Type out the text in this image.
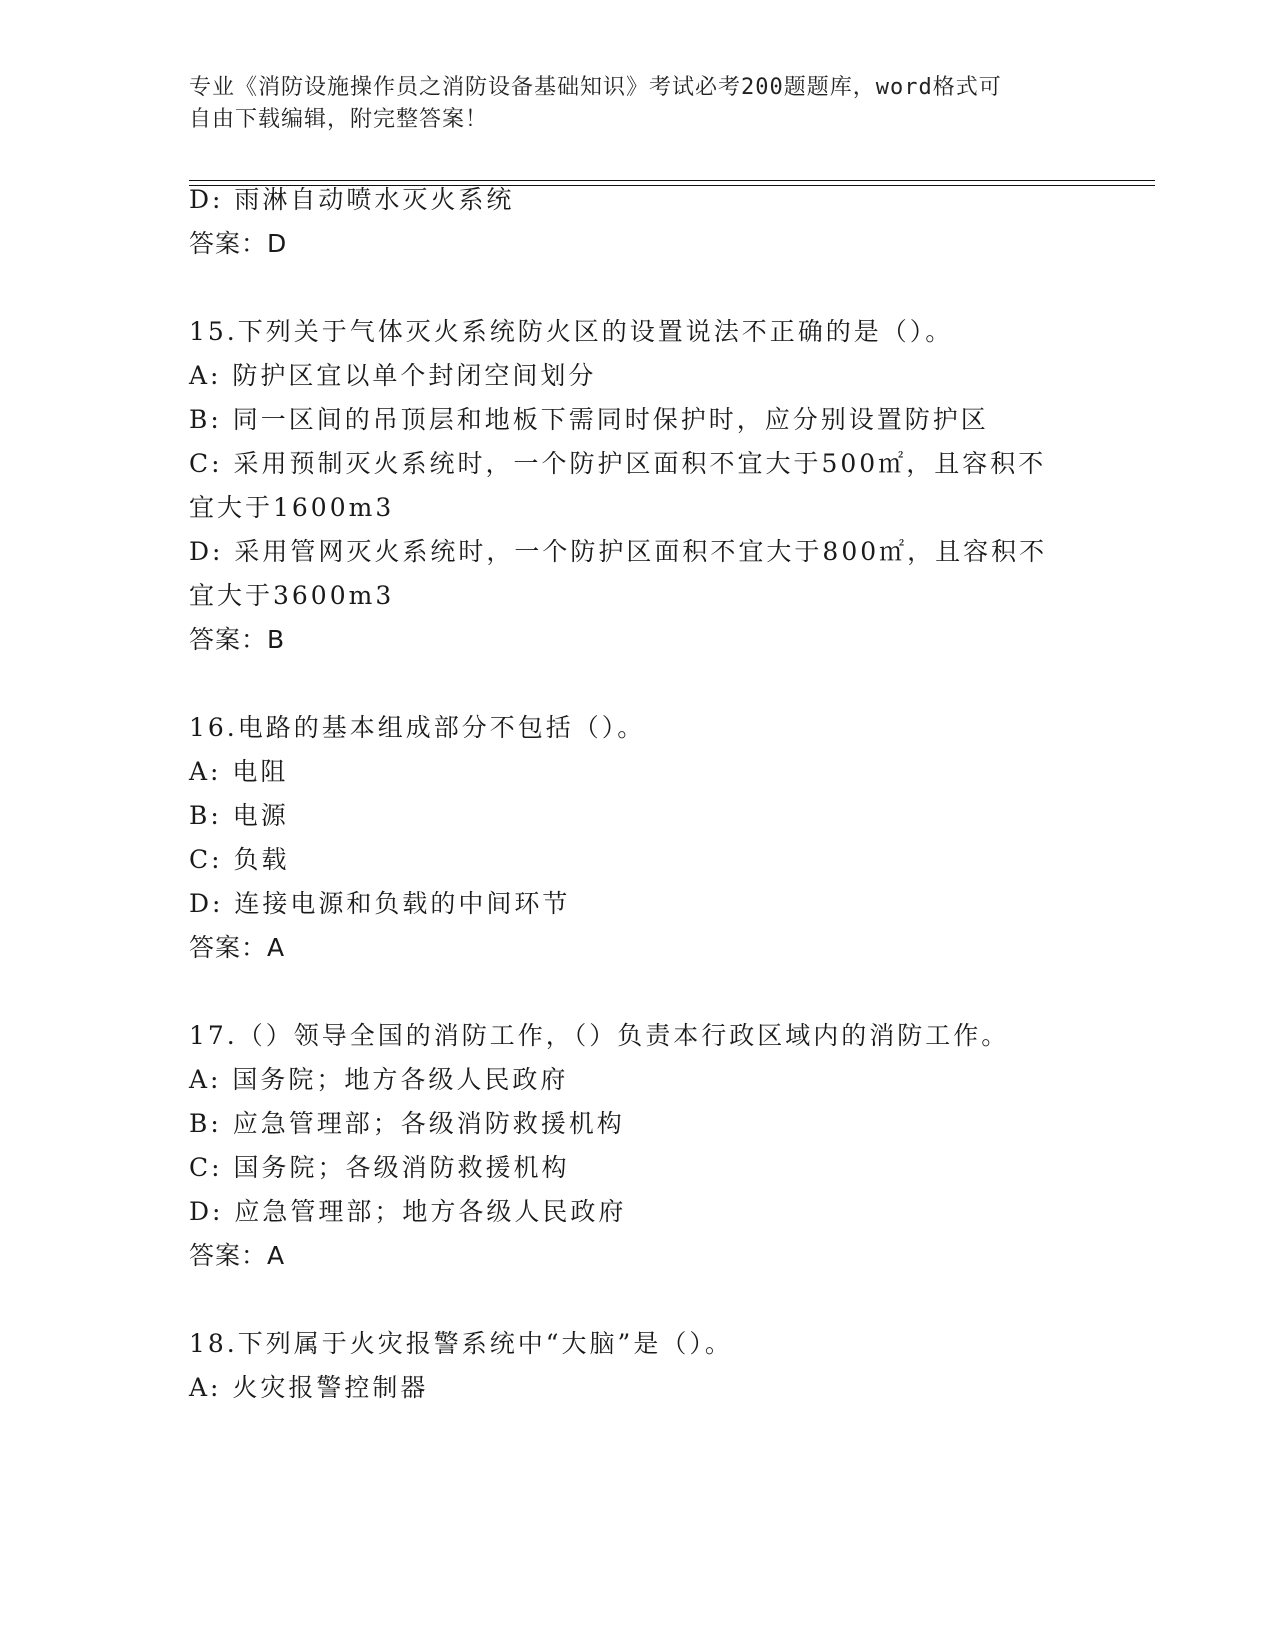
专业《消防设施操作员之消防设备基础知识》考试必考200题题库，word格式可
自由下载编辑，附完整答案！
D: 雨淋自动喷水灭火系统
答案：D
15.下列关于气体灭火系统防火区的设置说法不正确的是（）。
A: 防护区宜以单个封闭空间划分
B: 同一区间的吊顶层和地板下需同时保护时，应分别设置防护区
C: 采用预制灭火系统时，一个防护区面积不宜大于500㎡，且容积不
宜大于1600m3
D: 采用管网灭火系统时，一个防护区面积不宜大于800㎡，且容积不
宜大于3600m3
答案：B
16.电路的基本组成部分不包括（）。
A: 电阻
B: 电源
C: 负载
D: 连接电源和负载的中间环节
答案：A
17.（）领导全国的消防工作，（）负责本行政区域内的消防工作。
A: 国务院；地方各级人民政府
B: 应急管理部；各级消防救援机构
C: 国务院；各级消防救援机构
D: 应急管理部；地方各级人民政府
答案：A
18.下列属于火灾报警系统中“大脑”是（）。
A: 火灾报警控制器
